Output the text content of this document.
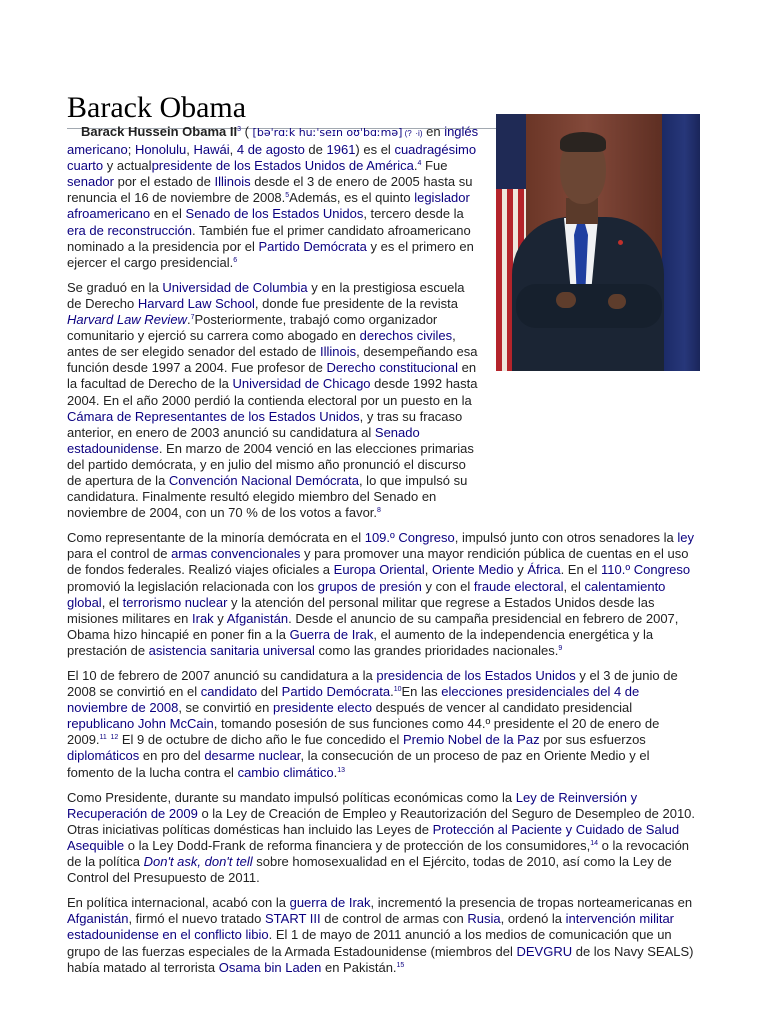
Barack Obama

Barack Hussein Obama $II^3$ ( [bəˈrɑːk huːˈseɪn oʊˈbɑːmə] (? ·i) en inglés americano; Honolulu, Hawái, 4 de agosto de 1961) es el cuadragésimo cuarto y actualpresidente de los Estados Unidos de América.$^4$ Fue senador por el estado de Illinois desde el 3 de enero de 2005 hasta su renuncia el 16 de noviembre de 2008.$^5$Además, es el quinto legislador afroamericano en el Senado de los Estados Unidos, tercero desde la era de reconstrucción. También fue el primer candidato afroamericano nominado a la presidencia por el Partido Demócrata y es el primero en ejercer el cargo presidencial.$^6$

Se graduó en la Universidad de Columbia y en la prestigiosa escuela de Derecho Harvard Law School, donde fue presidente de la revista Harvard Law Review.$^7$Posteriormente, trabajó como organizador comunitario y ejerció su carrera como abogado en derechos civiles, antes de ser elegido senador del estado de Illinois, desempeñando esa función desde 1997 a 2004. Fue profesor de Derecho constitucional en la facultad de Derecho de la Universidad de Chicago desde 1992 hasta 2004. En el año 2000 perdió la contienda electoral por un puesto en la Cámara de Representantes de los Estados Unidos, y tras su fracaso anterior, en enero de 2003 anunció su candidatura al Senado estadounidense. En marzo de 2004 venció en las elecciones primarias del partido demócrata, y en julio del mismo año pronunció el discurso de apertura de la Convención Nacional Demócrata, lo que impulsó su candidatura. Finalmente resultó elegido miembro del Senado en noviembre de 2004, con un 70 % de los votos a favor.$^8$

Como representante de la minoría demócrata en el 109.º Congreso, impulsó junto con otros senadores la ley para el control de armas convencionales y para promover una mayor rendición pública de cuentas en el uso de fondos federales. Realizó viajes oficiales a Europa Oriental, Oriente Medio y África. En el 110.º Congreso promovió la legislación relacionada con los grupos de presión y con el fraude electoral, el calentamiento global, el terrorismo nuclear y la atención del personal militar que regrese a Estados Unidos desde las misiones militares en Irak y Afganistán. Desde el anuncio de su campaña presidencial en febrero de 2007, Obama hizo hincapié en poner fin a la Guerra de Irak, el aumento de la independencia energética y la prestación de asistencia sanitaria universal como las grandes prioridades nacionales.$^9$

El 10 de febrero de 2007 anunció su candidatura a la presidencia de los Estados Unidos y el 3 de junio de 2008 se convirtió en el candidato del Partido Demócrata.$^{10}$En las elecciones presidenciales del 4 de noviembre de 2008, se convirtió en presidente electo después de vencer al candidato presidencial republicano John McCain, tomando posesión de sus funciones como 44.º presidente el 20 de enero de 2009.11 $^{12}$ El 9 de octubre de dicho año le fue concedido el Premio Nobel de la Paz por sus esfuerzos diplomáticos en pro del desarme nuclear, la consecución de un proceso de paz en Oriente Medio y el fomento de la lucha contra el cambio climático.$^{13}$

Como Presidente, durante su mandato impulsó políticas económicas como la Ley de Reinversión y Recuperación de 2009 o la Ley de Creación de Empleo y Reautorización del Seguro de Desempleo de 2010. Otras iniciativas políticas domésticas han incluido las Leyes de Protección al Paciente y Cuidado de Salud Asequible o la Ley Dodd-Frank de reforma financiera y de protección de los consumidores,$^{14}$ o la revocación de la política Don't ask, don't tell sobre homosexualidad en el Ejército, todas de 2010, así como la Ley de Control del Presupuesto de 2011.

En política internacional, acabó con la guerra de Irak, incrementó la presencia de tropas norteamericanas en Afganistán, firmó el nuevo tratado START III de control de armas con Rusia, ordenó la intervención militar estadounidense en el conflicto libio. El 1 de mayo de 2011 anunció a los medios de comunicación que un grupo de las fuerzas especiales de la Armada Estadounidense (miembros del DEVGRU de los Navy SEALS) había matado al terrorista Osama bin Laden en Pakistán.$^{15}$
